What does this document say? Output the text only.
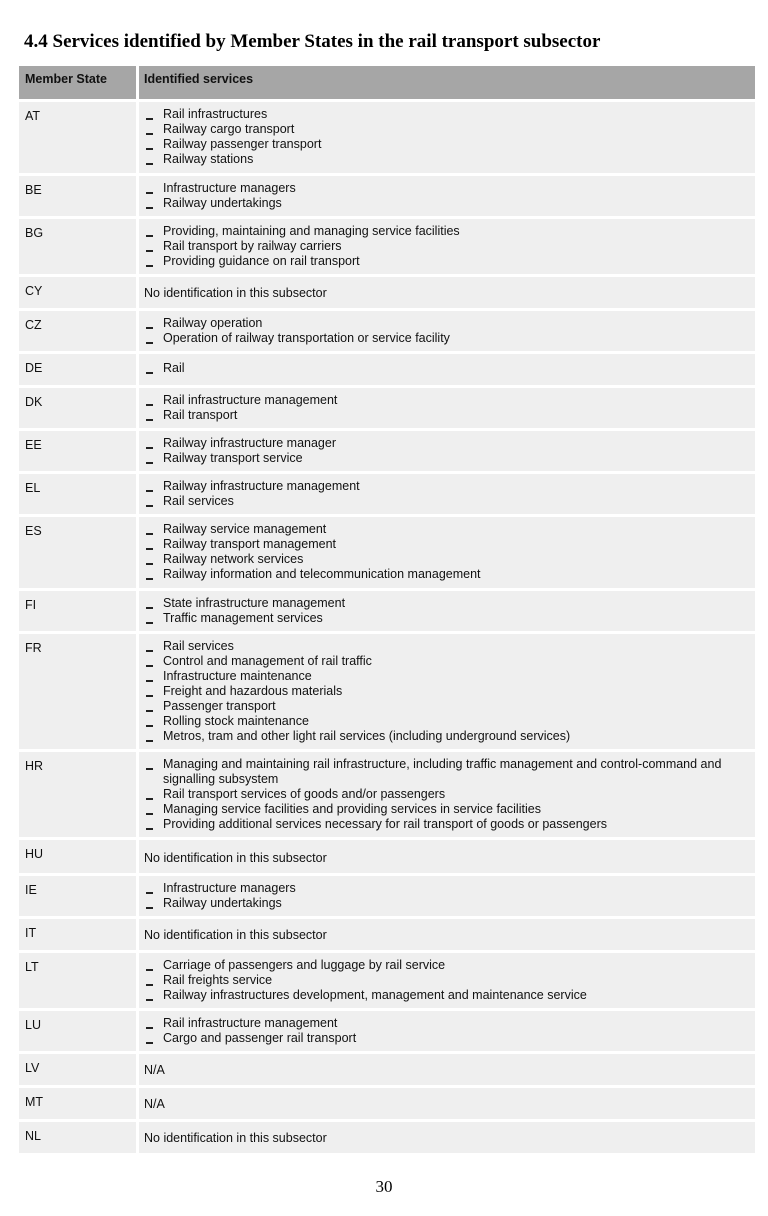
4.4 Services identified by Member States in the rail transport subsector
Member State	Identified services
AT	Rail infrastructures
Railway cargo transport
Railway passenger transport
Railway stations
BE	Infrastructure managers
Railway undertakings
BG	Providing, maintaining and managing service facilities
Rail transport by railway carriers
Providing guidance on rail transport
CY	No identification in this subsector
CZ	Railway operation
Operation of railway transportation or service facility
DE	Rail
DK	Rail infrastructure management
Rail transport
EE	Railway infrastructure manager
Railway transport service
EL	Railway infrastructure management
Rail services
ES	Railway service management
Railway transport management
Railway network services
Railway information and telecommunication management
FI	State infrastructure management
Traffic management services
FR	Rail services
Control and management of rail traffic
Infrastructure maintenance
Freight and hazardous materials
Passenger transport
Rolling stock maintenance
Metros, tram and other light rail services (including underground services)
HR	Managing and maintaining rail infrastructure, including traffic management and control-command and signalling subsystem
Rail transport services of goods and/or passengers
Managing service facilities and providing services in service facilities
Providing additional services necessary for rail transport of goods or passengers
HU	No identification in this subsector
IE	Infrastructure managers
Railway undertakings
IT	No identification in this subsector
LT	Carriage of passengers and luggage by rail service
Rail freights service
Railway infrastructures development, management and maintenance service
LU	Rail infrastructure management
Cargo and passenger rail transport
LV	N/A
MT	N/A
NL	No identification in this subsector
30
